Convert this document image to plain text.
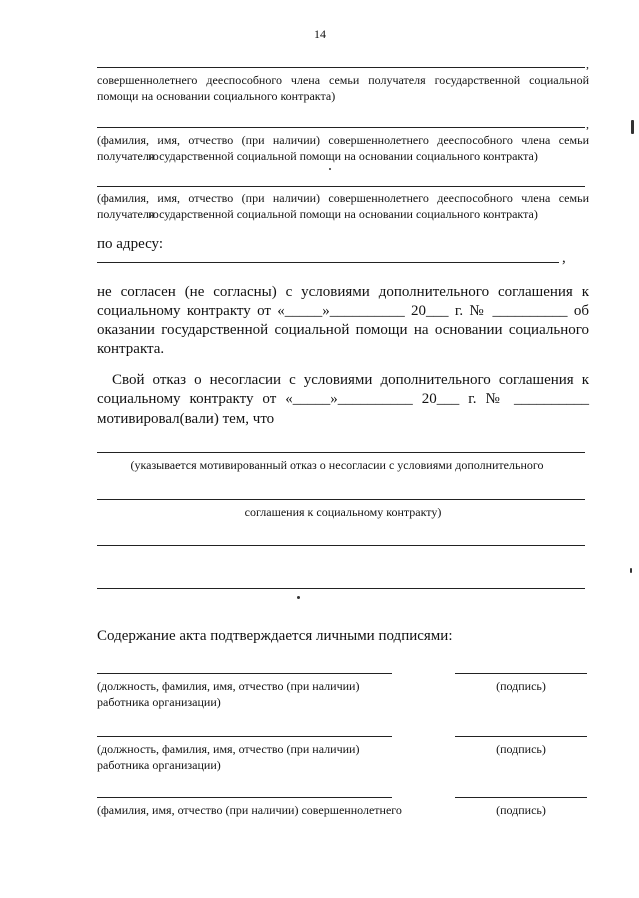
14
,
совершеннолетнего дееспособного члена семьи получателя государственной социальной
помощи на основании социального контракта)
,
(фамилия, имя, отчество (при наличии) совершеннолетнего дееспособного члена семьи получателя
государственной социальной помощи на основании социального контракта)
(фамилия, имя, отчество (при наличии) совершеннолетнего дееспособного члена семьи получателя
государственной социальной помощи на основании социального контракта)
по адресу:
,
не согласен (не согласны) с условиями дополнительного соглашения к
социальному контракту от «_____»__________ 20___ г. № __________ об
оказании государственной социальной помощи на основании социального
контракта.
Свой отказ о несогласии с условиями дополнительного соглашения к
социальному контракту от «_____»__________ 20___ г. № __________
мотивировал(вали) тем, что
(указывается мотивированный отказ о несогласии с условиями дополнительного
соглашения к социальному контракту)
Содержание акта подтверждается личными подписями:
(должность, фамилия, имя, отчество (при наличии)
работника организации)
(подпись)
(должность, фамилия, имя, отчество (при наличии)
работника организации)
(подпись)
(фамилия, имя, отчество (при наличии) совершеннолетнего	(подпись)
